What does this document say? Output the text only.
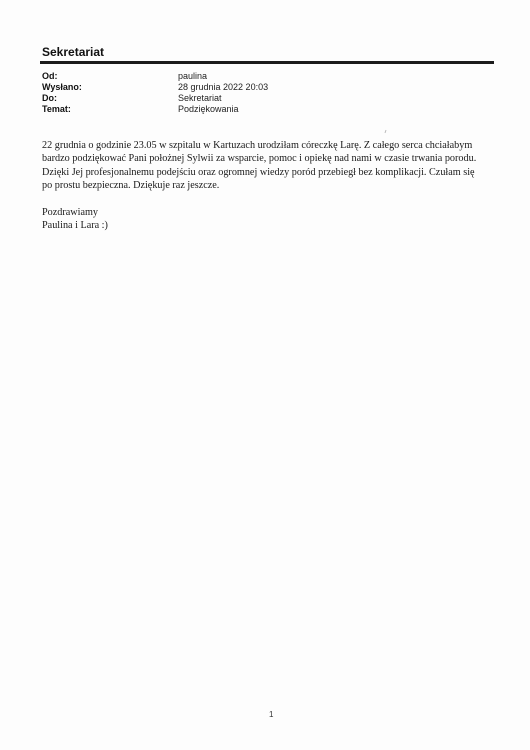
Sekretariat
Od:	paulina
Wysłano:	28 grudnia 2022 20:03
Do:	Sekretariat
Temat:	Podziękowania

22 grudnia o godzinie 23.05 w szpitalu w Kartuzach urodziłam córeczkę Larę. Z całego serca chciałabym
bardzo podziękować Pani położnej Sylwii za wsparcie, pomoc i opiekę nad nami w czasie trwania porodu.
Dzięki Jej profesjonalnemu podejściu oraz ogromnej wiedzy poród przebiegł bez komplikacji. Czułam się
po prostu bezpieczna. Dziękuje raz jeszcze.

Pozdrawiamy
Paulina i Lara :)
1
